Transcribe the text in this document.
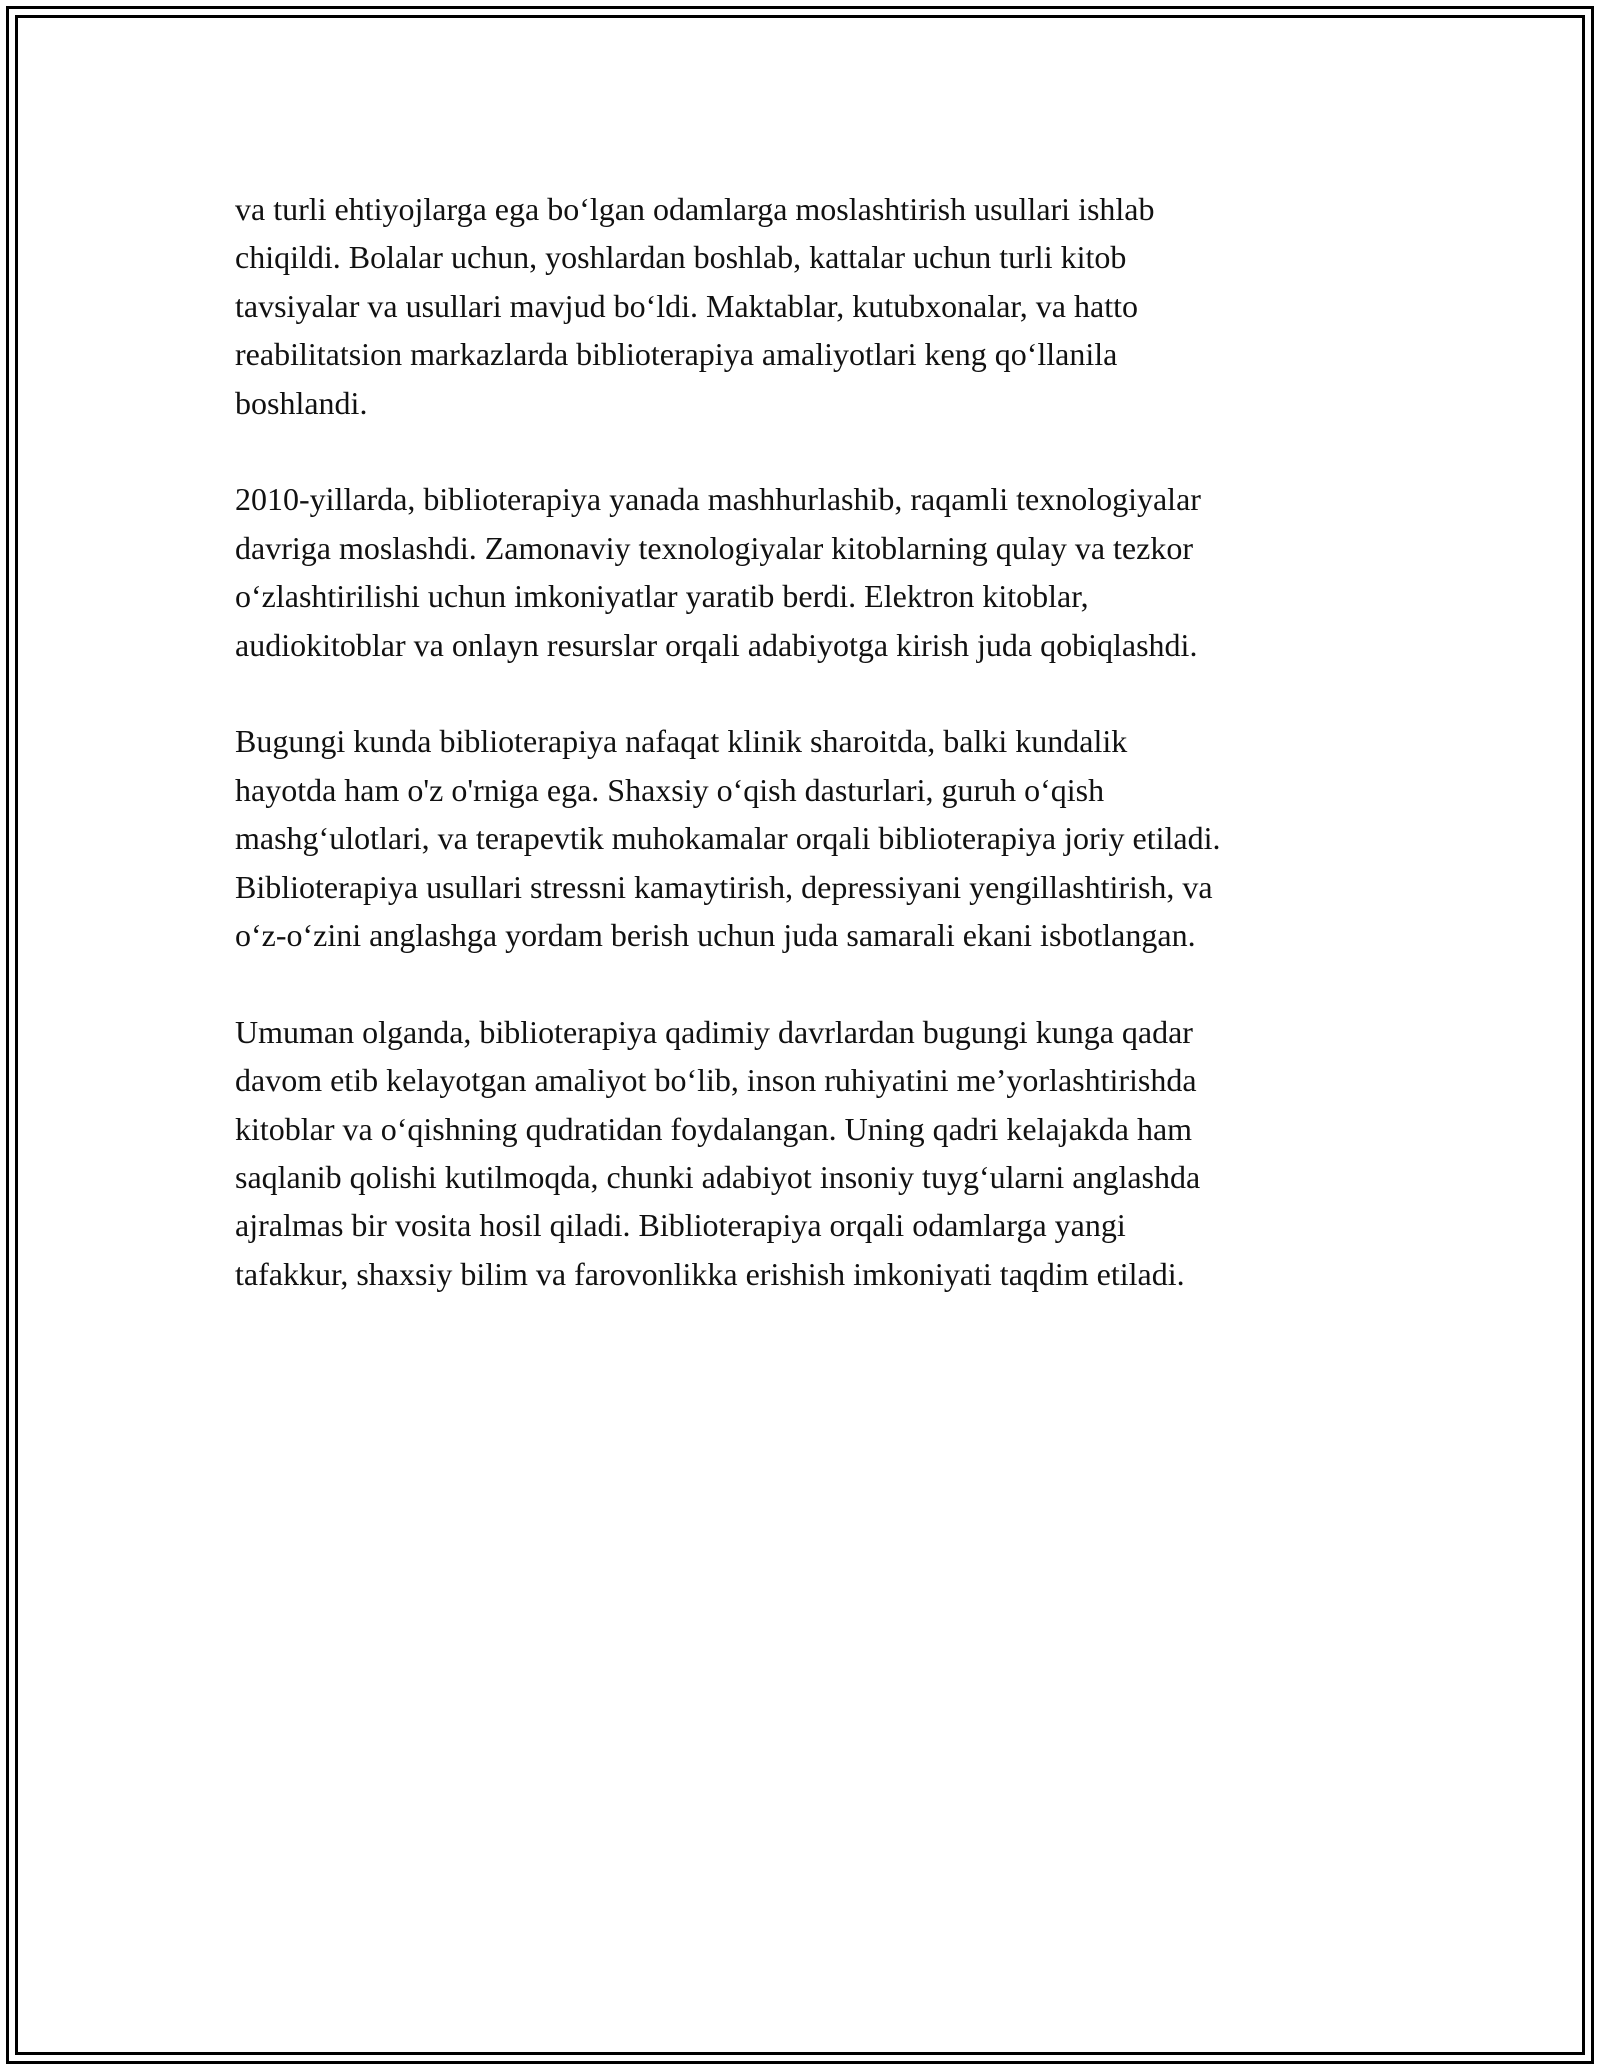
va turli ehtiyojlarga ega boʻlgan odamlarga moslashtirish usullari ishlab
chiqildi. Bolalar uchun, yoshlardan boshlab, kattalar uchun turli kitob
tavsiyalar va usullari mavjud boʻldi. Maktablar, kutubxonalar, va hatto
reabilitatsion markazlarda biblioterapiya amaliyotlari keng qoʻllanila
boshlandi.

2010-yillarda, biblioterapiya yanada mashhurlashib, raqamli texnologiyalar
davriga moslashdi. Zamonaviy texnologiyalar kitoblarning qulay va tezkor
oʻzlashtirilishi uchun imkoniyatlar yaratib berdi. Elektron kitoblar,
audiokitoblar va onlayn resurslar orqali adabiyotga kirish juda qobiqlashdi.

Bugungi kunda biblioterapiya nafaqat klinik sharoitda, balki kundalik
hayotda ham o'z o'rniga ega. Shaxsiy oʻqish dasturlari, guruh oʻqish
mashgʻulotlari, va terapevtik muhokamalar orqali biblioterapiya joriy etiladi.
Biblioterapiya usullari stressni kamaytirish, depressiyani yengillashtirish, va
oʻz-oʻzini anglashga yordam berish uchun juda samarali ekani isbotlangan.

Umuman olganda, biblioterapiya qadimiy davrlardan bugungi kunga qadar
davom etib kelayotgan amaliyot boʻlib, inson ruhiyatini me’yorlashtirishda
kitoblar va oʻqishning qudratidan foydalangan. Uning qadri kelajakda ham
saqlanib qolishi kutilmoqda, chunki adabiyot insoniy tuygʻularni anglashda
ajralmas bir vosita hosil qiladi. Biblioterapiya orqali odamlarga yangi
tafakkur, shaxsiy bilim va farovonlikka erishish imkoniyati taqdim etiladi.
